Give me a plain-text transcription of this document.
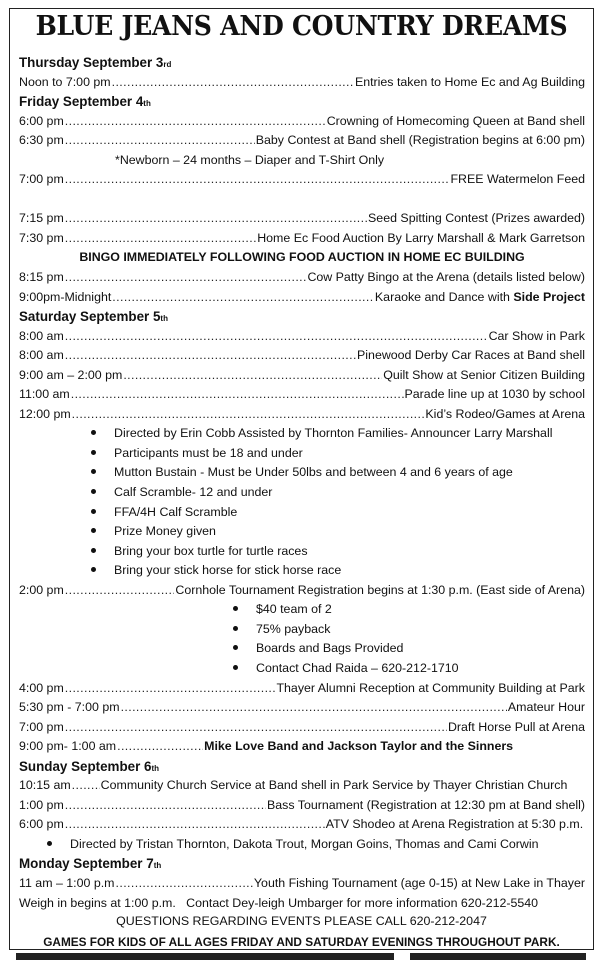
BLUE JEANS AND COUNTRY DREAMS
Thursday September 3 rd
Noon to 7:00 pm .....	Entries taken to Home Ec and Ag Building
Friday September 4 th
6:00 pm .....	Crowning of Homecoming Queen at Band shell
6:30 pm .....	Baby Contest at Band shell (Registration begins at 6:00 pm)
*Newborn – 24 months – Diaper and T-Shirt Only
7:00 pm .....	FREE Watermelon Feed
7:15 pm .....	Seed Spitting Contest (Prizes awarded)
7:30 pm .....	Home Ec Food Auction By Larry Marshall & Mark Garretson
BINGO IMMEDIATELY FOLLOWING FOOD AUCTION IN HOME EC BUILDING
8:15 pm .....	Cow Patty Bingo at the Arena (details listed below)
9:00pm-Midnight .....	Karaoke and Dance with Side Project
Saturday September 5 th
8:00 am .....	Car Show in Park
8:00 am .....	Pinewood Derby Car Races at Band shell
9:00 am – 2:00 pm .....	Quilt Show at Senior Citizen Building
11:00 am .....	Parade line up at 1030 by school
12:00 pm .....	Kid’s Rodeo/Games at Arena
Directed by Erin Cobb Assisted by Thornton Families- Announcer Larry Marshall
Participants must be 18 and under
Mutton Bustain - Must be Under 50lbs and between 4 and 6 years of age
Calf Scramble- 12 and under
FFA/4H Calf Scramble
Prize Money given
Bring your box turtle for turtle races
Bring your stick horse for stick horse race
2:00 pm .....	Cornhole Tournament Registration begins at 1:30 p.m. (East side of Arena)
$40 team of 2
75% payback
Boards and Bags Provided
Contact Chad Raida – 620-212-1710
4:00 pm .....	Thayer Alumni Reception at Community Building at Park
5:30 pm - 7:00 pm .....	Amateur Hour
7:00 pm .....	Draft Horse Pull at Arena
9:00 pm- 1:00 am .....	Mike Love Band and Jackson Taylor and the Sinners
Sunday September 6 th
10:15 am ..... Community Church Service at Band shell in Park Service by Thayer Christian Church
1:00 pm .....	Bass Tournament (Registration at 12:30 pm at Band shell)
6:00 pm .....	ATV Shodeo at Arena Registration at 5:30 p.m.
Directed by Tristan Thornton, Dakota Trout, Morgan Goins, Thomas and Cami Corwin
Monday September 7 th
11 am – 1:00 p.m .....	Youth Fishing Tournament (age 0-15) at New Lake in Thayer
Weigh in begins at 1:00 p.m.   Contact Dey-leigh Umbarger for more information 620-212-5540
QUESTIONS REGARDING EVENTS PLEASE CALL 620-212-2047
GAMES FOR KIDS OF ALL AGES FRIDAY AND SATURDAY EVENINGS THROUGHOUT PARK.
